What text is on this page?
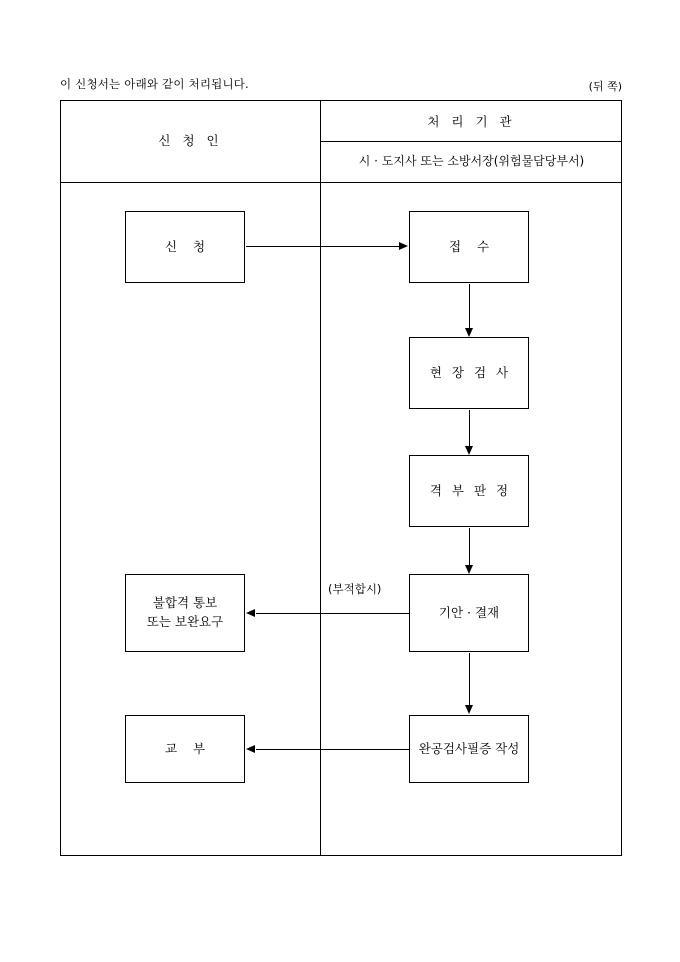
이 신청서는 아래와 같이 처리됩니다.	(뒤 쪽)
신 청 인
처 리 기 관
시 · 도지사 또는 소방서장(위험물담당부서)
신 청	접 수
현 장 검 사
격 부 판 정
기안 · 결재
완공검사필증 작성
불합격 통보
또는 보완요구
교 부
(부적합시)
